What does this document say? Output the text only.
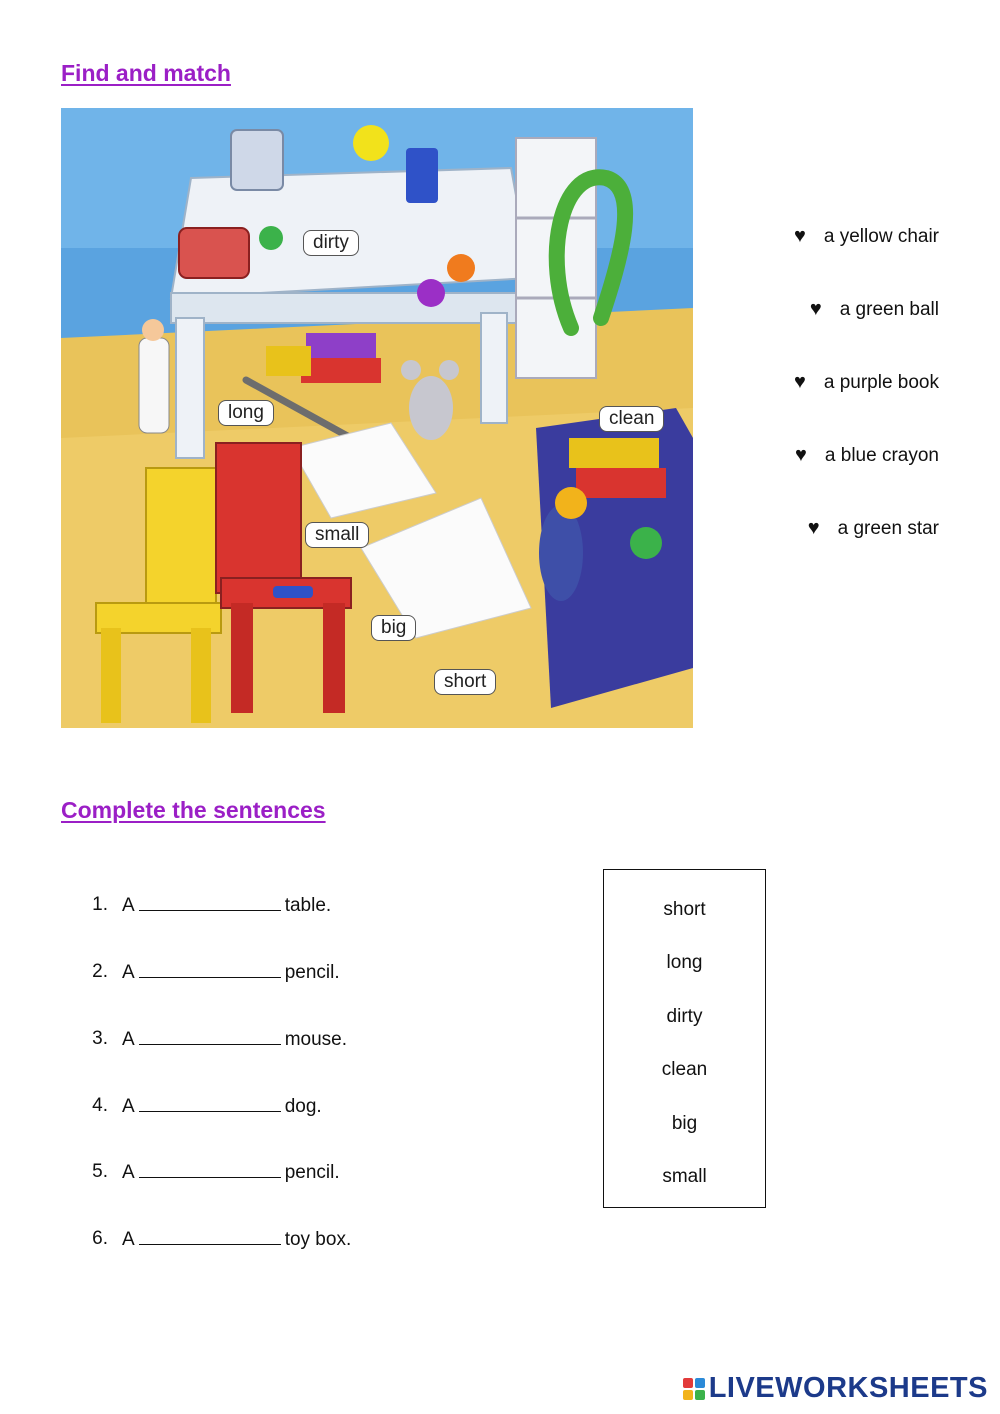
Find and match
dirty
long	clean
small
big
short
♥ a yellow chair
♥ a green ball
♥ a purple book
♥ a blue crayon
♥ a green star
Complete the sentences
1. A	table.
2. A	pencil.
3. A	mouse.
4. A	dog.
5. A	pencil.
6. A	toy box.
short
long
dirty
clean
big
small
LIVEWORKSHEETS
